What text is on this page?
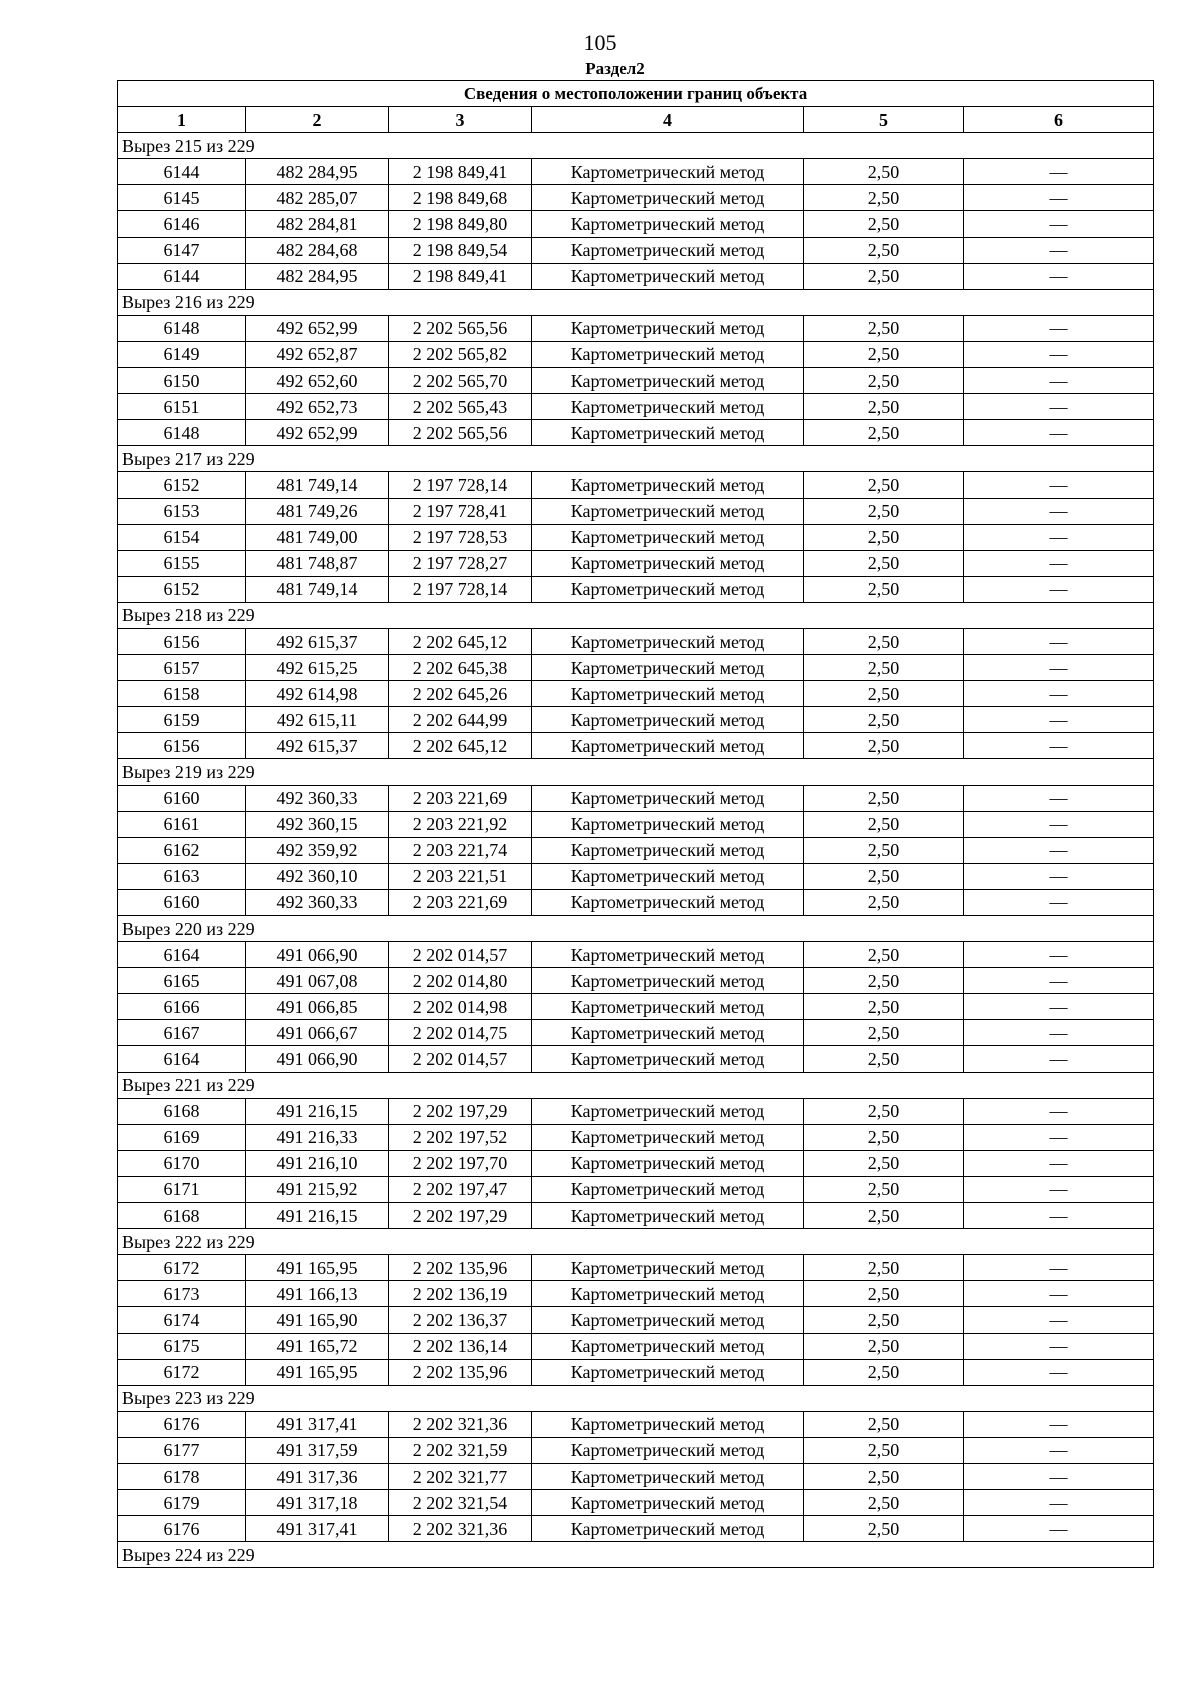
105
Раздел2
Сведения о местоположении границ объекта					
1	2	3	4	5	6
Вырез 215 из 229					
6144	482 284,95	2 198 849,41	Картометрический метод	2,50	—
6145	482 285,07	2 198 849,68	Картометрический метод	2,50	—
6146	482 284,81	2 198 849,80	Картометрический метод	2,50	—
6147	482 284,68	2 198 849,54	Картометрический метод	2,50	—
6144	482 284,95	2 198 849,41	Картометрический метод	2,50	—
Вырез 216 из 229					
6148	492 652,99	2 202 565,56	Картометрический метод	2,50	—
6149	492 652,87	2 202 565,82	Картометрический метод	2,50	—
6150	492 652,60	2 202 565,70	Картометрический метод	2,50	—
6151	492 652,73	2 202 565,43	Картометрический метод	2,50	—
6148	492 652,99	2 202 565,56	Картометрический метод	2,50	—
Вырез 217 из 229					
6152	481 749,14	2 197 728,14	Картометрический метод	2,50	—
6153	481 749,26	2 197 728,41	Картометрический метод	2,50	—
6154	481 749,00	2 197 728,53	Картометрический метод	2,50	—
6155	481 748,87	2 197 728,27	Картометрический метод	2,50	—
6152	481 749,14	2 197 728,14	Картометрический метод	2,50	—
Вырез 218 из 229					
6156	492 615,37	2 202 645,12	Картометрический метод	2,50	—
6157	492 615,25	2 202 645,38	Картометрический метод	2,50	—
6158	492 614,98	2 202 645,26	Картометрический метод	2,50	—
6159	492 615,11	2 202 644,99	Картометрический метод	2,50	—
6156	492 615,37	2 202 645,12	Картометрический метод	2,50	—
Вырез 219 из 229					
6160	492 360,33	2 203 221,69	Картометрический метод	2,50	—
6161	492 360,15	2 203 221,92	Картометрический метод	2,50	—
6162	492 359,92	2 203 221,74	Картометрический метод	2,50	—
6163	492 360,10	2 203 221,51	Картометрический метод	2,50	—
6160	492 360,33	2 203 221,69	Картометрический метод	2,50	—
Вырез 220 из 229					
6164	491 066,90	2 202 014,57	Картометрический метод	2,50	—
6165	491 067,08	2 202 014,80	Картометрический метод	2,50	—
6166	491 066,85	2 202 014,98	Картометрический метод	2,50	—
6167	491 066,67	2 202 014,75	Картометрический метод	2,50	—
6164	491 066,90	2 202 014,57	Картометрический метод	2,50	—
Вырез 221 из 229					
6168	491 216,15	2 202 197,29	Картометрический метод	2,50	—
6169	491 216,33	2 202 197,52	Картометрический метод	2,50	—
6170	491 216,10	2 202 197,70	Картометрический метод	2,50	—
6171	491 215,92	2 202 197,47	Картометрический метод	2,50	—
6168	491 216,15	2 202 197,29	Картометрический метод	2,50	—
Вырез 222 из 229					
6172	491 165,95	2 202 135,96	Картометрический метод	2,50	—
6173	491 166,13	2 202 136,19	Картометрический метод	2,50	—
6174	491 165,90	2 202 136,37	Картометрический метод	2,50	—
6175	491 165,72	2 202 136,14	Картометрический метод	2,50	—
6172	491 165,95	2 202 135,96	Картометрический метод	2,50	—
Вырез 223 из 229					
6176	491 317,41	2 202 321,36	Картометрический метод	2,50	—
6177	491 317,59	2 202 321,59	Картометрический метод	2,50	—
6178	491 317,36	2 202 321,77	Картометрический метод	2,50	—
6179	491 317,18	2 202 321,54	Картометрический метод	2,50	—
6176	491 317,41	2 202 321,36	Картометрический метод	2,50	—
Вырез 224 из 229					
